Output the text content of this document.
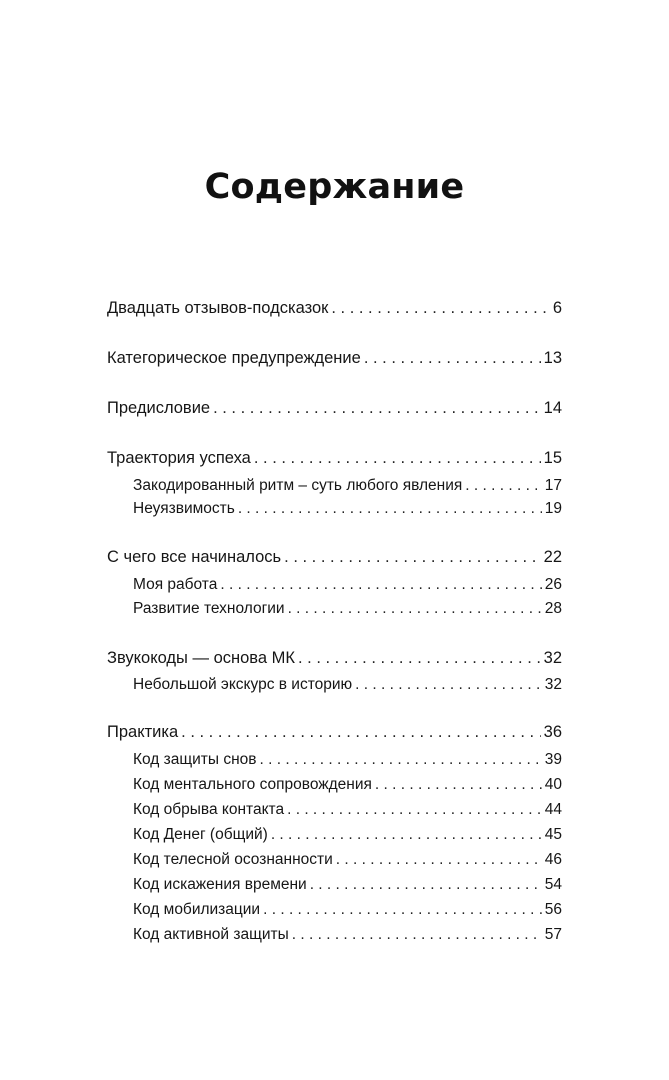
Содержание
Двадцать отзывов-подсказок . . .	6
Категорическое предупреждение . . .	13
Предисловие . . .	14
Траектория успеха . . .	15
Закодированный ритм – суть любого явления . . .	17
Неуязвимость . . .	19
С чего все начиналось . . .	22
Моя работа . . .	26
Развитие технологии . . .	28
Звукокоды — основа МК . . .	32
Небольшой экскурс в историю . . .	32
Практика . . .	36
Код защиты снов . . .	39
Код ментального сопровождения . . .	40
Код обрыва контакта . . .	44
Код Денег (общий) . . .	45
Код телесной осознанности . . .	46
Код искажения времени . . .	54
Код мобилизации . . .	56
Код активной защиты . . .	57
